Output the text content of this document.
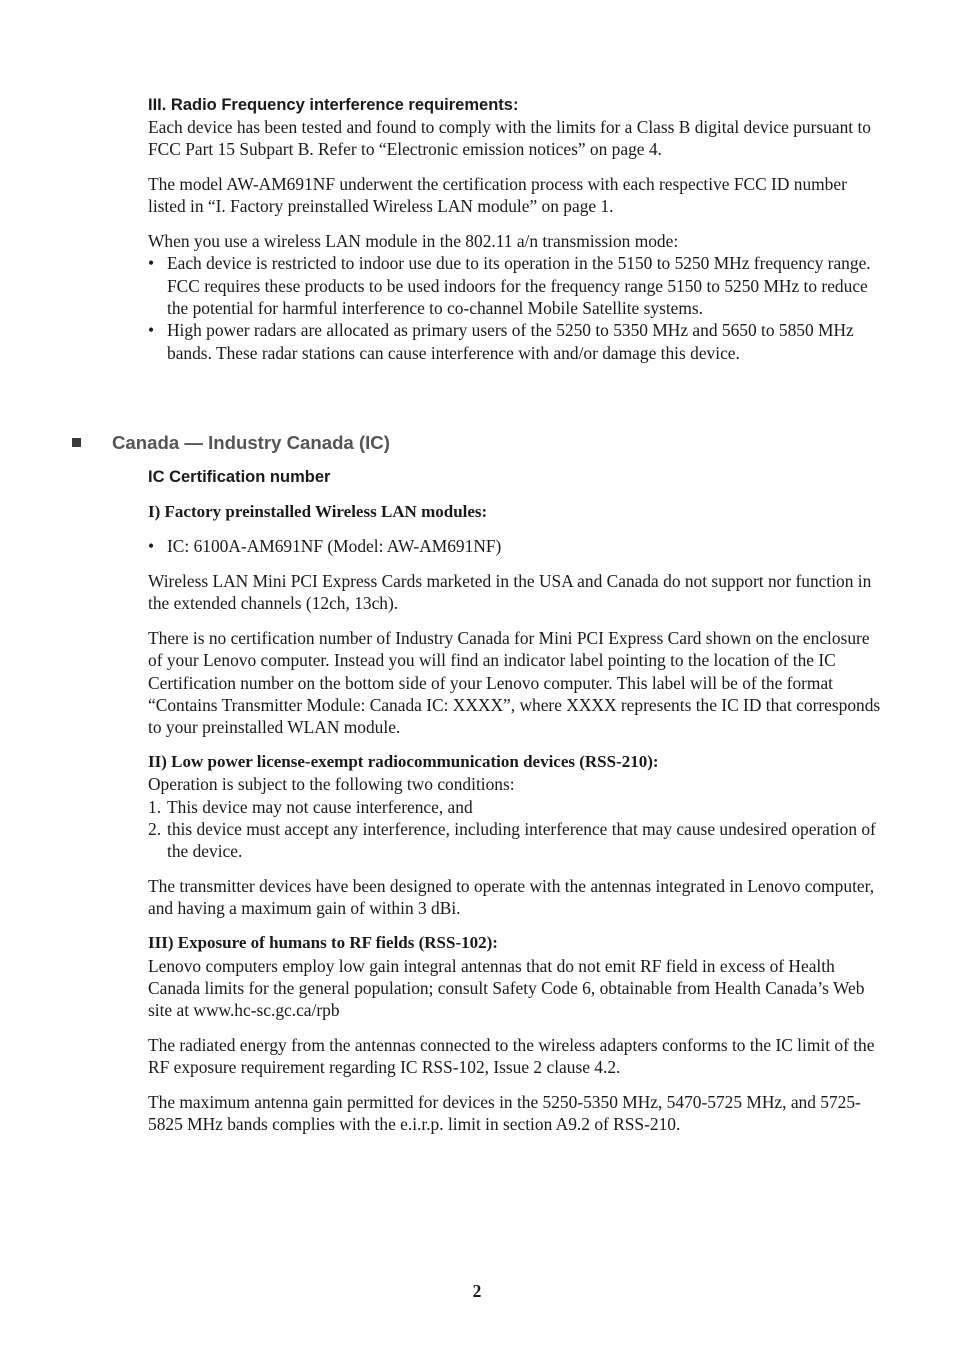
III. Radio Frequency interference requirements:

Each device has been tested and found to comply with the limits for a Class B digital device pursuant to FCC Part 15 Subpart B. Refer to “Electronic emission notices” on page 4.

The model AW-AM691NF underwent the certification process with each respective FCC ID number listed in “I. Factory preinstalled Wireless LAN module” on page 1.

When you use a wireless LAN module in the 802.11 a/n transmission mode:

• Each device is restricted to indoor use due to its operation in the 5150 to 5250 MHz frequency range. FCC requires these products to be used indoors for the frequency range 5150 to 5250 MHz to reduce the potential for harmful interference to co-channel Mobile Satellite systems.
• High power radars are allocated as primary users of the 5250 to 5350 MHz and 5650 to 5850 MHz bands. These radar stations can cause interference with and/or damage this device.
Canada — Industry Canada (IC)
IC Certification number
I) Factory preinstalled Wireless LAN modules:
• IC: 6100A-AM691NF (Model: AW-AM691NF)

Wireless LAN Mini PCI Express Cards marketed in the USA and Canada do not support nor function in the extended channels (12ch, 13ch).

There is no certification number of Industry Canada for Mini PCI Express Card shown on the enclosure of your Lenovo computer. Instead you will find an indicator label pointing to the location of the IC Certification number on the bottom side of your Lenovo computer. This label will be of the format “Contains Transmitter Module: Canada IC: XXXX”, where XXXX represents the IC ID that corresponds to your preinstalled WLAN module.

II) Low power license-exempt radiocommunication devices (RSS-210):

Operation is subject to the following two conditions:

1. This device may not cause interference, and
2. this device must accept any interference, including interference that may cause undesired operation of the device.

The transmitter devices have been designed to operate with the antennas integrated in Lenovo computer, and having a maximum gain of within 3 dBi.

III) Exposure of humans to RF fields (RSS-102):

Lenovo computers employ low gain integral antennas that do not emit RF field in excess of Health Canada limits for the general population; consult Safety Code 6, obtainable from Health Canada’s Web site at www.hc-sc.gc.ca/rpb

The radiated energy from the antennas connected to the wireless adapters conforms to the IC limit of the RF exposure requirement regarding IC RSS-102, Issue 2 clause 4.2.

The maximum antenna gain permitted for devices in the 5250-5350 MHz, 5470-5725 MHz, and 5725-5825 MHz bands complies with the e.i.r.p. limit in section A9.2 of RSS-210.

2
